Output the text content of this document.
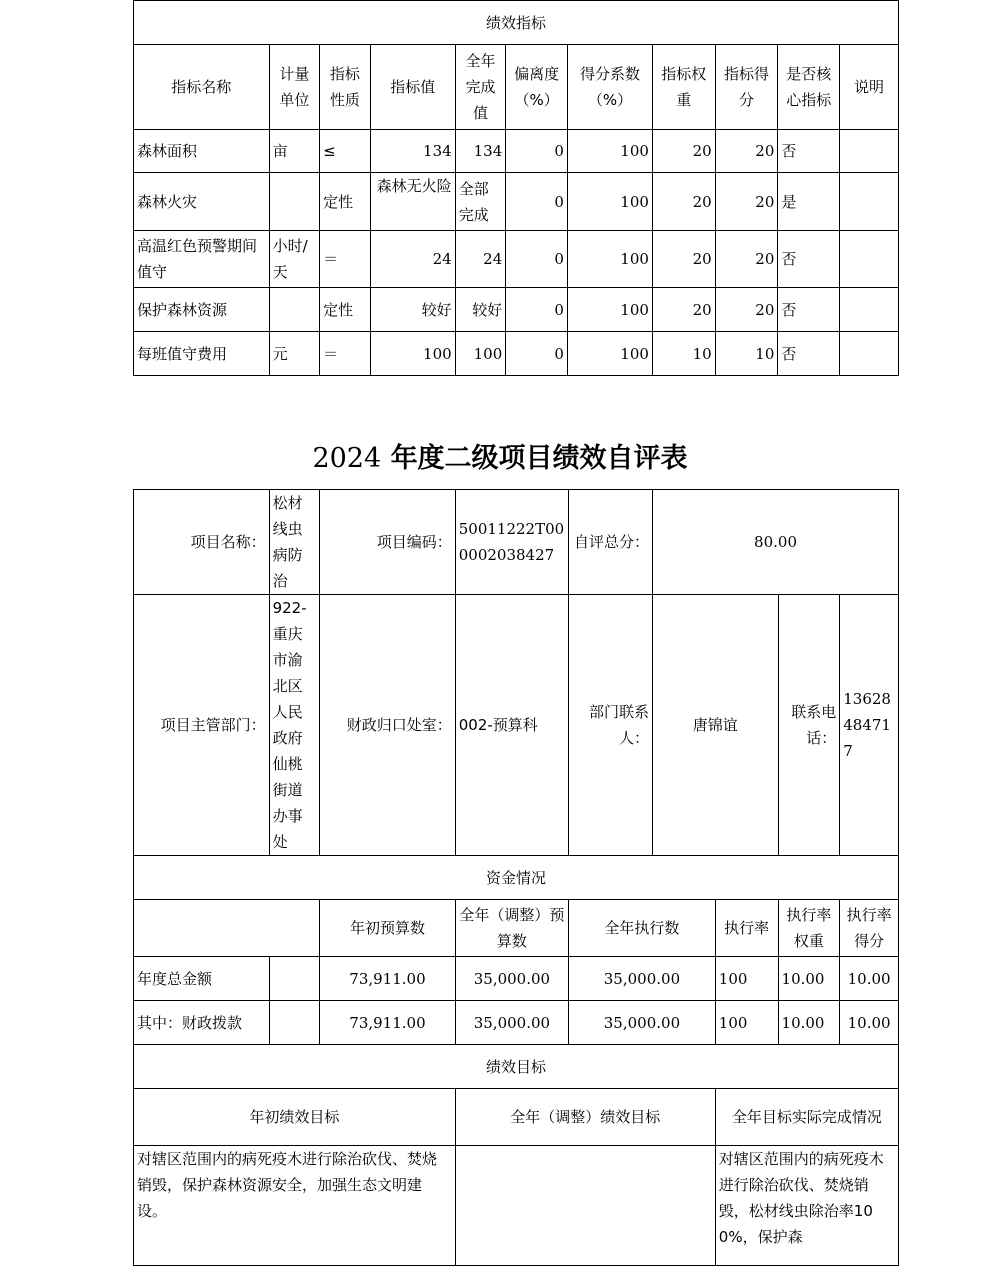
绩效指标										
指标名称	计量单位	指标性质	指标值	全年完成值	偏离度（%）	得分系数（%）	指标权重	指标得分	是否核心指标	说明
森林面积	亩	≤	134	134	0	100	20	20	否	
森林火灾		定性	森林无火险	全部完成	0	100	20	20	是	
高温红色预警期间值守	小时/天	＝	24	24	0	100	20	20	否	
保护森林资源		定性	较好	较好	0	100	20	20	否	
每班值守费用	元	＝	100	100	0	100	10	10	否	
2024 年度二级项目绩效自评表
项目名称：	松材线虫病防治	项目编码：	50011222T000002038427	自评总分：	80.00			
项目主管部门：	922-重庆市渝北区人民政府仙桃街道办事处	财政归口处室：	002-预算科	部门联系人：	唐锦谊		联系电话：	13628484717
资金情况								
		年初预算数	全年（调整）预算数	全年执行数		执行率	执行率权重	执行率得分
年度总金额		73,911.00	35,000.00	35,000.00		100	10.00	10.00
其中：财政拨款		73,911.00	35,000.00	35,000.00		100	10.00	10.00
绩效目标								
年初绩效目标			全年（调整）绩效目标			全年目标实际完成情况		
对辖区范围内的病死疫木进行除治砍伐、焚烧销毁，保护森林资源安全，加强生态文明建设。						对辖区范围内的病死疫木进行除治砍伐、焚烧销毁，松材线虫除治率100%，保护森		
